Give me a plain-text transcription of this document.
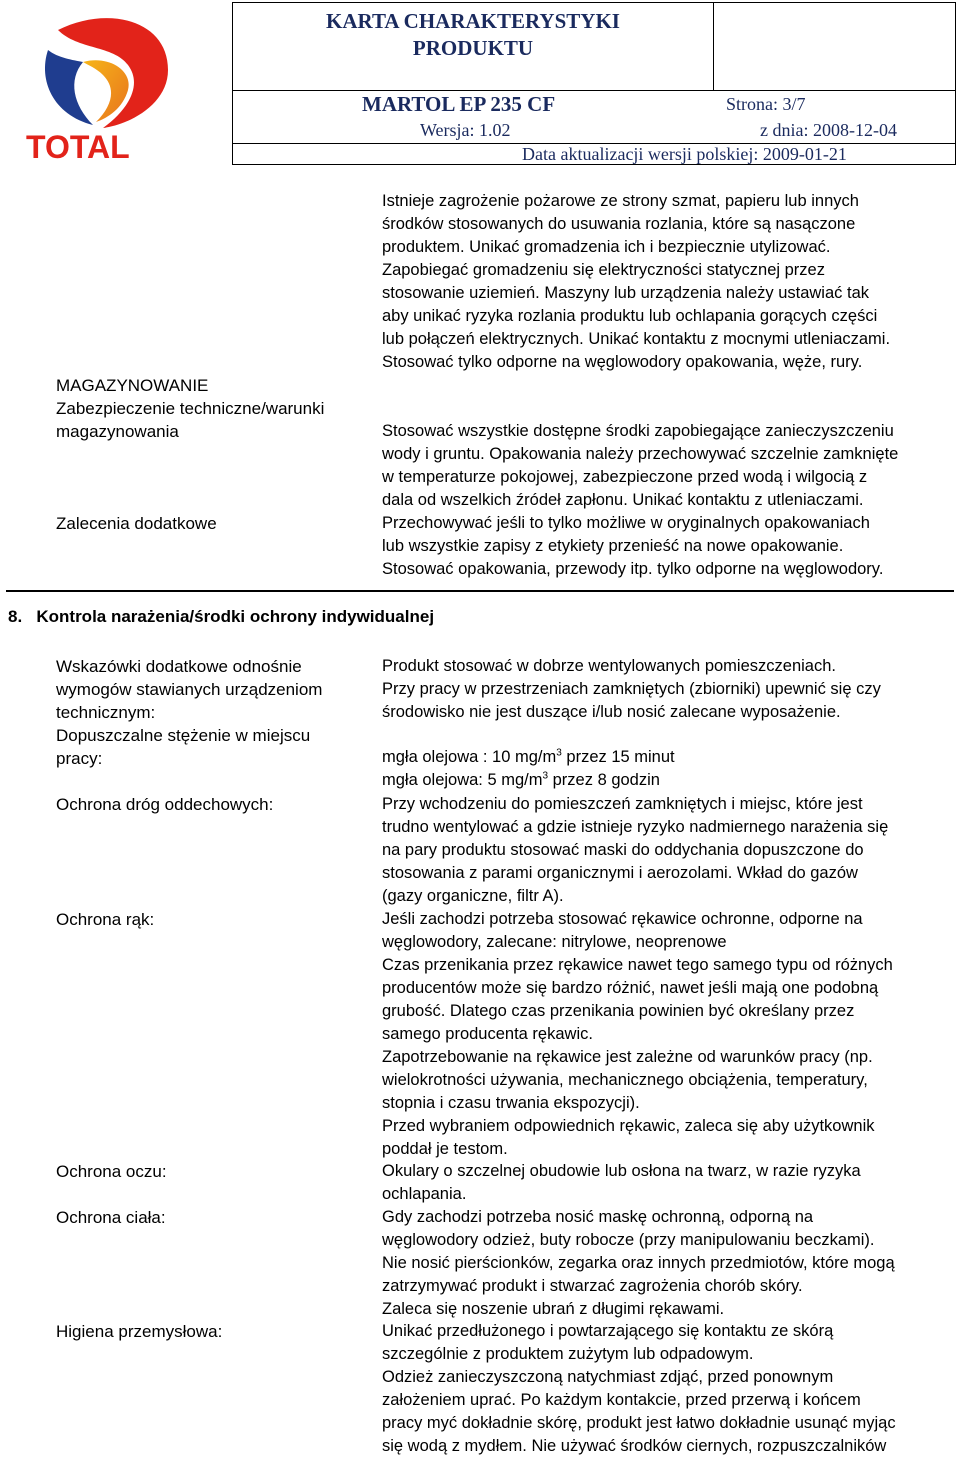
TOTAL
KARTA CHARAKTERYSTYKI
PRODUKTU
MARTOL EP 235 CF	Strona: 3/7
Wersja: 1.02	z dnia: 2008-12-04
Data aktualizacji wersji polskiej: 2009-01-21

Istnieje zagrożenie pożarowe ze strony szmat, papieru lub innych
środków stosowanych do usuwania rozlania, które są nasączone
produktem. Unikać gromadzenia ich i bezpiecznie utylizować.
Zapobiegać gromadzeniu się elektryczności statycznej przez
stosowanie uziemień. Maszyny lub urządzenia należy ustawiać tak
aby unikać ryzyka rozlania produktu lub ochlapania gorących części
lub połączeń elektrycznych. Unikać kontaktu z mocnymi utleniaczami.
Stosować tylko odporne na węglowodory opakowania, węże, rury.

MAGAZYNOWANIE

Zabezpieczenie techniczne/warunki
magazynowania	Stosować wszystkie dostępne środki zapobiegające zanieczyszczeniu
wody i gruntu. Opakowania należy przechowywać szczelnie zamknięte
w temperaturze pokojowej, zabezpieczone przed wodą i wilgocią z
dala od wszelkich źródeł zapłonu. Unikać kontaktu z utleniaczami.

Zalecenia dodatkowe	Przechowywać jeśli to tylko możliwe w oryginalnych opakowaniach
lub wszystkie zapisy z etykiety przenieść na nowe opakowanie.
Stosować opakowania, przewody itp. tylko odporne na węglowodory.

8. Kontrola narażenia/środki ochrony indywidualnej

Wskazówki dodatkowe odnośnie
wymogów stawianych urządzeniom
technicznym:

Produkt stosować w dobrze wentylowanych pomieszczeniach.
Przy pracy w przestrzeniach zamkniętych (zbiorniki) upewnić się czy
środowisko nie jest duszące i/lub nosić zalecane wyposażenie.

Dopuszczalne stężenie w miejscu
pracy:	mgła olejowa : 10 $mg/m^3$ przez 15 minut
mgła olejowa: 5 $mg/m^3$ przez 8 godzin

Ochrona dróg oddechowych:	Przy wchodzeniu do pomieszczeń zamkniętych i miejsc, które jest
trudno wentylować a gdzie istnieje ryzyko nadmiernego narażenia się
na pary produktu stosować maski do oddychania dopuszczone do
stosowania z parami organicznymi i aerozolami. Wkład do gazów
(gazy organiczne, filtr A).

Ochrona rąk:	Jeśli zachodzi potrzeba stosować rękawice ochronne, odporne na
węglowodory, zalecane: nitrylowe, neoprenowe
Czas przenikania przez rękawice nawet tego samego typu od różnych
producentów może się bardzo różnić, nawet jeśli mają one podobną
grubość. Dlatego czas przenikania powinien być określany przez
samego producenta rękawic.
Zapotrzebowanie na rękawice jest zależne od warunków pracy (np.
wielokrotności używania, mechanicznego obciążenia, temperatury,
stopnia i czasu trwania ekspozycji).
Przed wybraniem odpowiednich rękawic, zaleca się aby użytkownik
poddał je testom.

Ochrona oczu:	Okulary o szczelnej obudowie lub osłona na twarz, w razie ryzyka
ochlapania.

Ochrona ciała:	Gdy zachodzi potrzeba nosić maskę ochronną, odporną na
węglowodory odzież, buty robocze (przy manipulowaniu beczkami).
Nie nosić pierścionków, zegarka oraz innych przedmiotów, które mogą
zatrzymywać produkt i stwarzać zagrożenia chorób skóry.
Zaleca się noszenie ubrań z długimi rękawami.

Higiena przemysłowa:	Unikać przedłużonego i powtarzającego się kontaktu ze skórą
szczególnie z produktem zużytym lub odpadowym.
Odzież zanieczyszczoną natychmiast zdjąć, przed ponownym
założeniem uprać. Po każdym kontakcie, przed przerwą i końcem
pracy myć dokładnie skórę, produkt jest łatwo dokładnie usunąć myjąc
się wodą z mydłem. Nie używać środków ciernych, rozpuszczalników
